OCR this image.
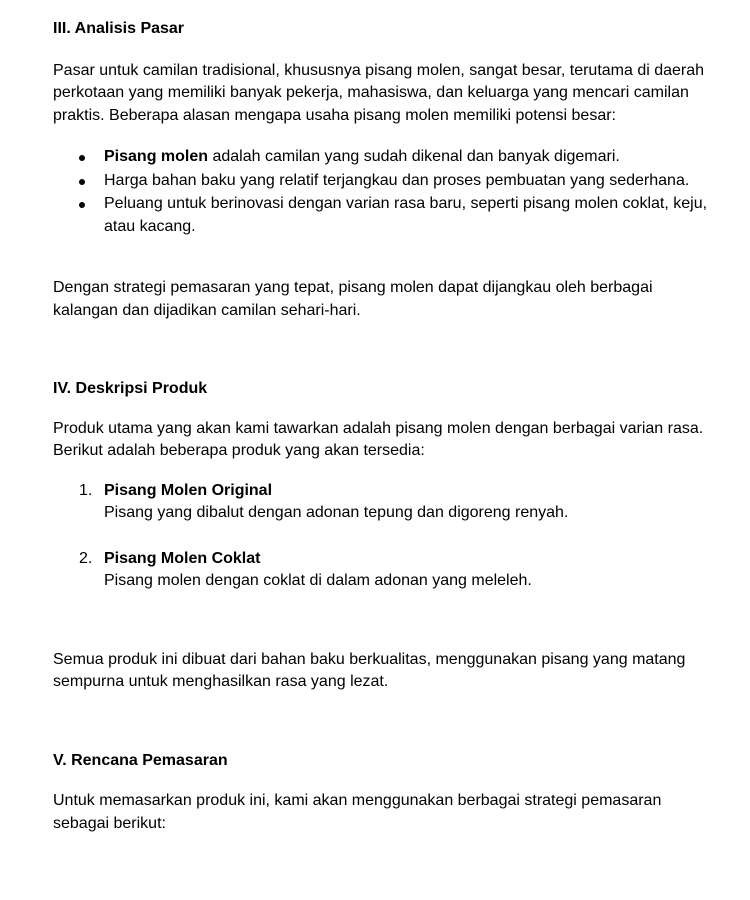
III. Analisis Pasar

Pasar untuk camilan tradisional, khususnya pisang molen, sangat besar, terutama di daerah perkotaan yang memiliki banyak pekerja, mahasiswa, dan keluarga yang mencari camilan praktis. Beberapa alasan mengapa usaha pisang molen memiliki potensi besar:

Pisang molen adalah camilan yang sudah dikenal dan banyak digemari.
Harga bahan baku yang relatif terjangkau dan proses pembuatan yang sederhana.
Peluang untuk berinovasi dengan varian rasa baru, seperti pisang molen coklat, keju, atau kacang.

Dengan strategi pemasaran yang tepat, pisang molen dapat dijangkau oleh berbagai kalangan dan dijadikan camilan sehari-hari.

IV. Deskripsi Produk

Produk utama yang akan kami tawarkan adalah pisang molen dengan berbagai varian rasa. Berikut adalah beberapa produk yang akan tersedia:

1. Pisang Molen Original
Pisang yang dibalut dengan adonan tepung dan digoreng renyah.
2. Pisang Molen Coklat
Pisang molen dengan coklat di dalam adonan yang meleleh.

Semua produk ini dibuat dari bahan baku berkualitas, menggunakan pisang yang matang sempurna untuk menghasilkan rasa yang lezat.

V. Rencana Pemasaran

Untuk memasarkan produk ini, kami akan menggunakan berbagai strategi pemasaran sebagai berikut:
